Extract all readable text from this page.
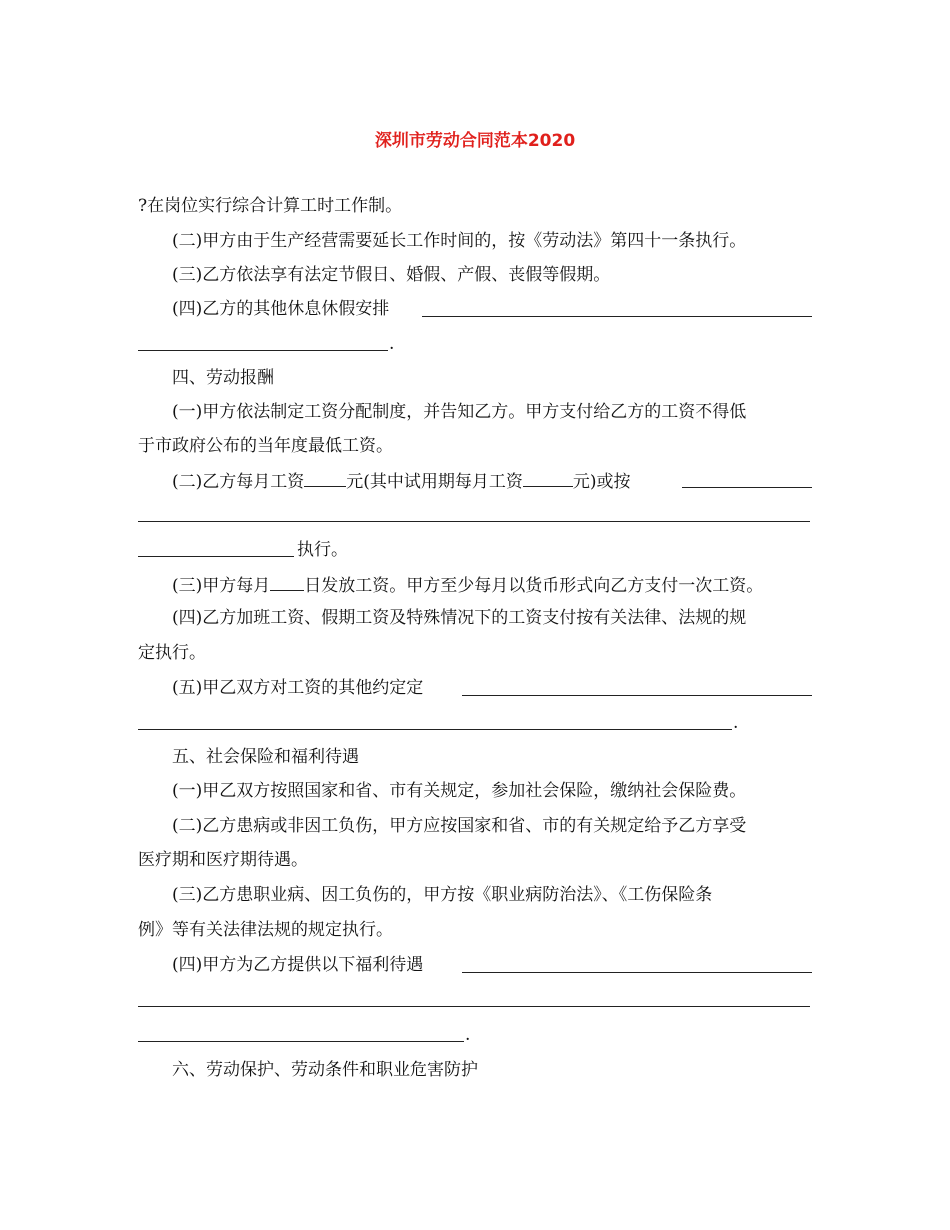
深圳市劳动合同范本2020
?在岗位实行综合计算工时工作制。
(二)甲方由于生产经营需要延长工作时间的，按《劳动法》第四十一条执行。
(三)乙方依法享有法定节假日、婚假、产假、丧假等假期。
(四)乙方的其他休息休假安排
.
四、劳动报酬
(一)甲方依法制定工资分配制度，并告知乙方。甲方支付给乙方的工资不得低
于市政府公布的当年度最低工资。
(二)乙方每月工资 元(其中试用期每月工资	元)或按
执行。
(三)甲方每月 日发放工资。甲方至少每月以货币形式向乙方支付一次工资。
(四)乙方加班工资、假期工资及特殊情况下的工资支付按有关法律、法规的规
定执行。
(五)甲乙双方对工资的其他约定定
.
五、社会保险和福利待遇
(一)甲乙双方按照国家和省、市有关规定，参加社会保险，缴纳社会保险费。
(二)乙方患病或非因工负伤，甲方应按国家和省、市的有关规定给予乙方享受
医疗期和医疗期待遇。
(三)乙方患职业病、因工负伤的，甲方按《职业病防治法》、《工伤保险条
例》等有关法律法规的规定执行。
(四)甲方为乙方提供以下福利待遇
.
六、劳动保护、劳动条件和职业危害防护
